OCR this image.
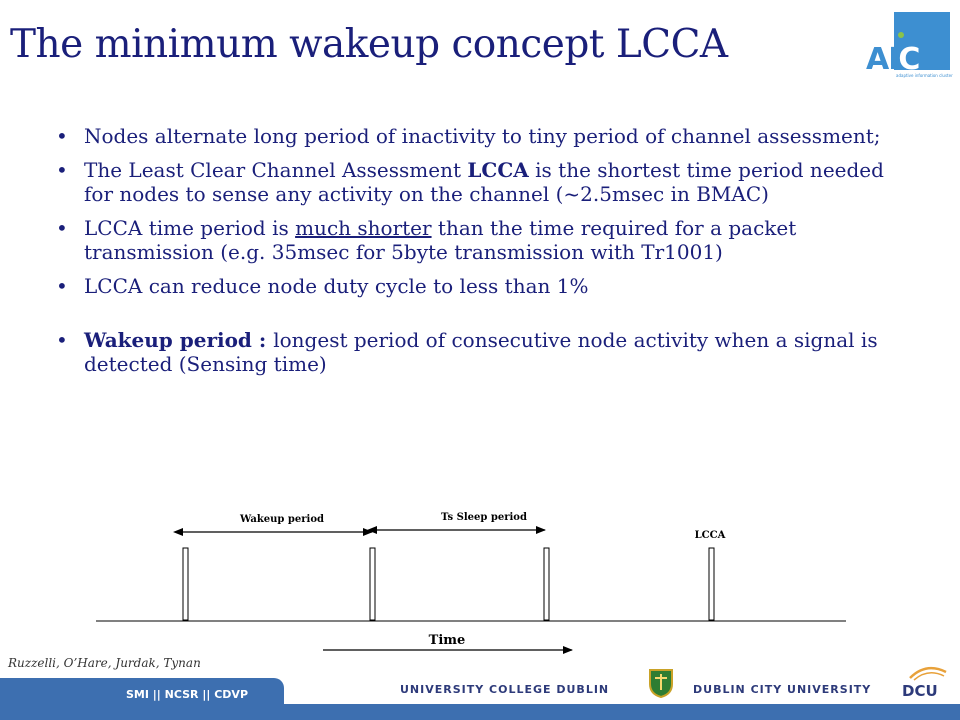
The minimum wakeup concept LCCA	AIC
adaptive information cluster
• Nodes alternate long period of inactivity to tiny period of channel assessment;
• The Least Clear Channel Assessment LCCA is the shortest time period needed for nodes to sense any activity on the channel (~2.5msec in BMAC)
• LCCA time period is much shorter than the time required for a packet transmission (e.g. 35msec for 5byte transmission with Tr1001)
• LCCA can reduce node duty cycle to less than 1%
• Wakeup period : longest period of consecutive node activity when a signal is detected (Sensing time)
Wakeup period	Ts Sleep period
LCCA
Time
Ruzzelli, O’Hare, Jurdak, Tynan
SMI || NCSR || CDVP	UNIVERSITY COLLEGE DUBLIN	DUBLIN CITY UNIVERSITY DCU
